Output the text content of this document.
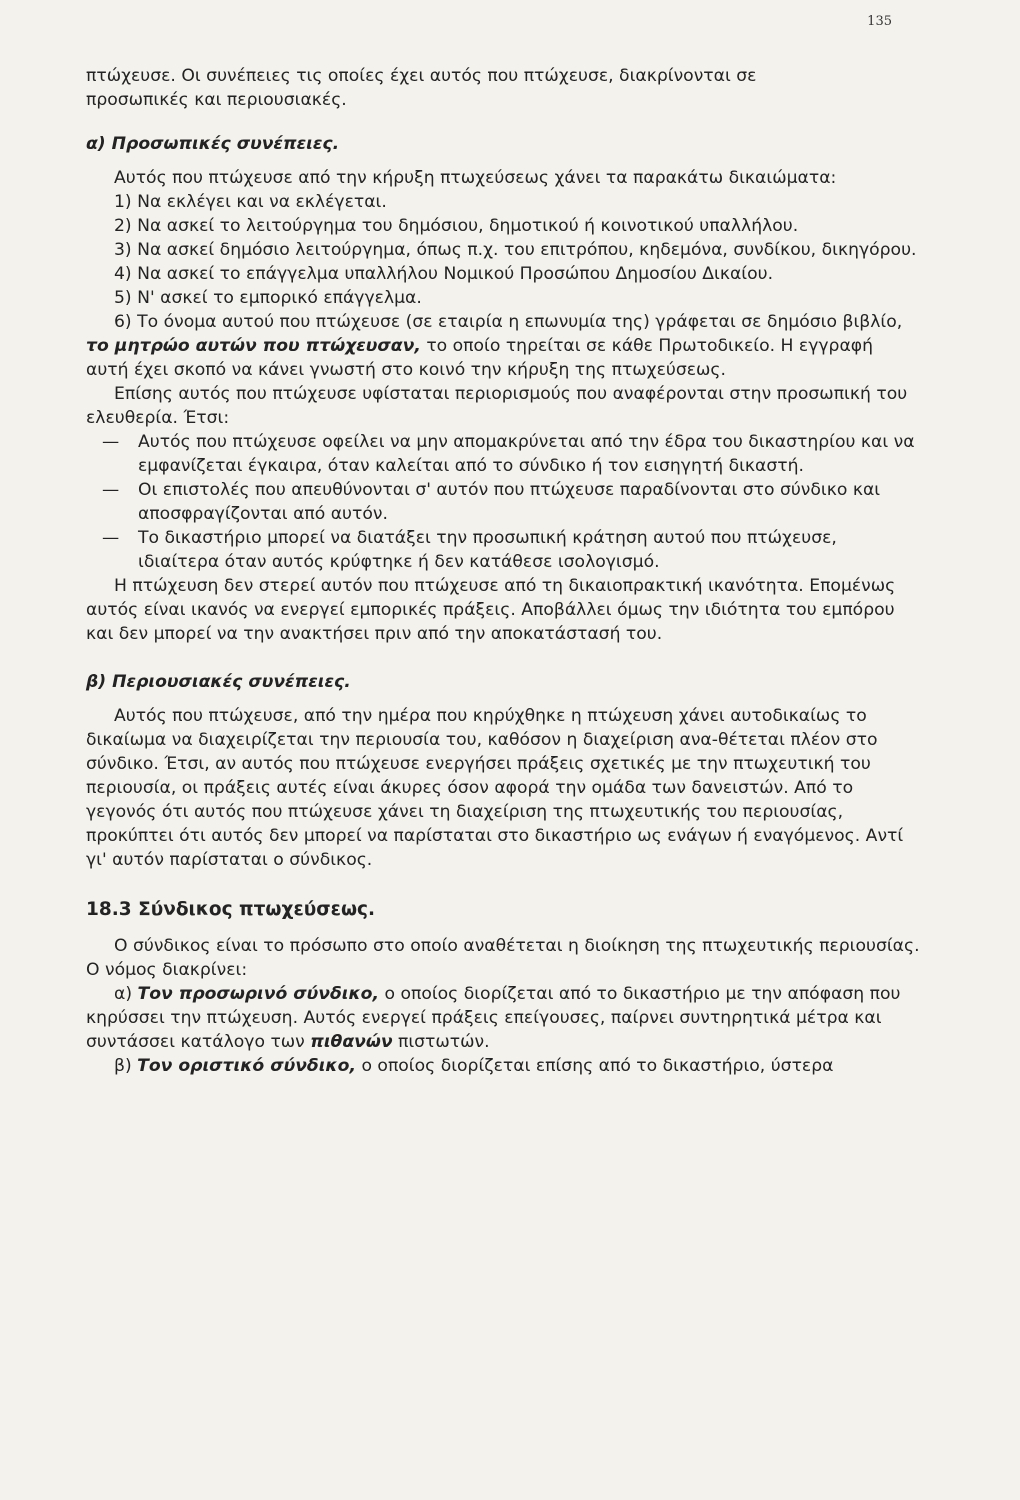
135

πτώχευσε. Οι συνέπειες τις οποίες έχει αυτός που πτώχευσε, διακρίνονται σε

προσωπικές και περιουσιακές.

α) Προσωπικές συνέπειες.

Αυτός που πτώχευσε από την κήρυξη πτωχεύσεως χάνει τα παρακάτω δικαιώματα:

1) Να εκλέγει και να εκλέγεται.

2) Να ασκεί το λειτούργημα του δημόσιου, δημοτικού ή κοινοτικού υπαλλήλου.

3) Να ασκεί δημόσιο λειτούργημα, όπως π.χ. του επιτρόπου, κηδεμόνα, συνδίκου, δικηγόρου.

4) Να ασκεί το επάγγελμα υπαλλήλου Νομικού Προσώπου Δημοσίου Δικαίου.

5) Ν' ασκεί το εμπορικό επάγγελμα.

6) Το όνομα αυτού που πτώχευσε (σε εταιρία η επωνυμία της) γράφεται σε δημόσιο βιβλίο, το μητρώο αυτών που πτώχευσαν, το οποίο τηρείται σε κάθε Πρωτοδικείο. Η εγγραφή αυτή έχει σκοπό να κάνει γνωστή στο κοινό την κήρυξη της πτωχεύσεως.

Επίσης αυτός που πτώχευσε υφίσταται περιορισμούς που αναφέρονται στην προσωπική του ελευθερία. Έτσι:

— Αυτός που πτώχευσε οφείλει να μην απομακρύνεται από την έδρα του δικαστηρίου και να εμφανίζεται έγκαιρα, όταν καλείται από το σύνδικο ή τον εισηγητή δικαστή.

— Οι επιστολές που απευθύνονται σ' αυτόν που πτώχευσε παραδίνονται στο σύνδικο και αποσφραγίζονται από αυτόν.

— Το δικαστήριο μπορεί να διατάξει την προσωπική κράτηση αυτού που πτώχευσε, ιδιαίτερα όταν αυτός κρύφτηκε ή δεν κατάθεσε ισολογισμό.

Η πτώχευση δεν στερεί αυτόν που πτώχευσε από τη δικαιοπρακτική ικανότητα. Επομένως αυτός είναι ικανός να ενεργεί εμπορικές πράξεις. Αποβάλλει όμως την ιδιότητα του εμπόρου και δεν μπορεί να την ανακτήσει πριν από την αποκατάστασή του.

β) Περιουσιακές συνέπειες.

Αυτός που πτώχευσε, από την ημέρα που κηρύχθηκε η πτώχευση χάνει αυτοδικαίως το δικαίωμα να διαχειρίζεται την περιουσία του, καθόσον η διαχείριση ανα-θέτεται πλέον στο σύνδικο. Έτσι, αν αυτός που πτώχευσε ενεργήσει πράξεις σχετικές με την πτωχευτική του περιουσία, οι πράξεις αυτές είναι άκυρες όσον αφορά την ομάδα των δανειστών. Από το γεγονός ότι αυτός που πτώχευσε χάνει τη διαχείριση της πτωχευτικής του περιουσίας, προκύπτει ότι αυτός δεν μπορεί να παρίσταται στο δικαστήριο ως ενάγων ή εναγόμενος. Αντί γι' αυτόν παρίσταται ο σύνδικος.

18.3 Σύνδικος πτωχεύσεως.

Ο σύνδικος είναι το πρόσωπο στο οποίο αναθέτεται η διοίκηση της πτωχευτικής περιουσίας. Ο νόμος διακρίνει:

α) Τον προσωρινό σύνδικο, ο οποίος διορίζεται από το δικαστήριο με την απόφαση που κηρύσσει την πτώχευση. Αυτός ενεργεί πράξεις επείγουσες, παίρνει συντηρητικά μέτρα και συντάσσει κατάλογο των πιθανών πιστωτών.

β) Τον οριστικό σύνδικο, ο οποίος διορίζεται επίσης από το δικαστήριο, ύστερα
